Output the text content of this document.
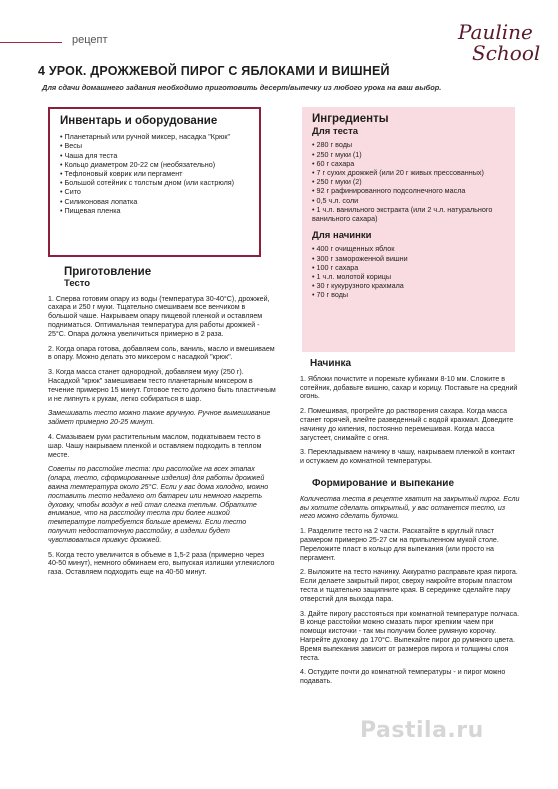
рецепт	Pauline
School
4 УРОК. ДРОЖЖЕВОЙ ПИРОГ С ЯБЛОКАМИ И ВИШНЕЙ
Для сдачи домашнего задания необходимо приготовить десерт/выпечку из любого урока на ваш выбор.
Инвентарь и оборудование
• Планетарный или ручной миксер, насадка "Крюк"
• Весы
• Чаша для теста
• Кольцо диаметром 20-22 см (необязательно)
• Тефлоновый коврик или пергамент
• Большой сотейник с толстым дном (или кастрюля)
• Сито
• Силиконовая лопатка
• Пищевая пленка
Ингредиенты
Для теста
• 280 г воды
• 250 г муки (1)
• 60 г сахара
• 7 г сухих дрожжей (или 20 г живых прессованных)
• 250 г муки (2)
• 92 г рафинированного подсолнечного масла
• 0,5 ч.л. соли
• 1 ч.л. ванильного экстракта (или 2 ч.л. натурального ванильного сахара)
Для начинки
• 400 г очищенных яблок
• 300 г замороженной вишни
• 100 г сахара
• 1 ч.л. молотой корицы
• 30 г кукурузного крахмала
• 70 г воды
Приготовление
Тесто

1. Сперва готовим опару из воды (температура 30-40°С), дрожжей, сахара и 250 г муки. Тщательно смешиваем все венчиком в большой чаше. Накрываем опару пищевой пленкой и оставляем подниматься. Оптимальная температура для работы дрожжей - 25°С. Опара должна увеличиться примерно в 2 раза.

2. Когда опара готова, добавляем соль, ваниль, масло и вмешиваем в опару. Можно делать это миксером с насадкой "крюк".

3. Когда масса станет однородной, добавляем муку (250 г). Насадкой "крюк" замешиваем тесто планетарным миксером в течение примерно 15 минут. Готовое тесто должно быть пластичным и не липнуть к рукам, легко собираться в шар.

Замешивать тесто можно также вручную. Ручное вымешивание займет примерно 20-25 минут.

4. Смазываем руки растительным маслом, подкатываем тесто в шар. Чашу накрываем пленкой и оставляем подходить в теплом месте.

Советы по расстойке теста: при расстойке на всех этапах (опара, тесто, сформированные изделия) для работы дрожжей важна температура около 25°С. Если у вас дома холодно, можно поставить тесто недалеко от батареи или немного нагреть духовку, чтобы воздух в ней стал слегка теплым. Обратите внимание, что на расстойку теста при более низкой температуре потребуется больше времени. Если тесто получит недостаточную расстойку, в изделии будет чувствоваться привкус дрожжей.

5. Когда тесто увеличится в объеме в 1,5-2 раза (примерно через 40-50 минут), немного обминаем его, выпуская излишки углекислого газа. Оставляем подходить еще на 40-50 минут.

Начинка

1. Яблоки почистите и порежьте кубиками 8-10 мм. Сложите в сотейник, добавьте вишню, сахар и корицу. Поставьте на средний огонь.

2. Помешивая, прогрейте до растворения сахара. Когда масса станет горячей, влейте разведенный с водой крахмал. Доведите начинку до кипения, постоянно перемешивая. Когда масса загустеет, снимайте с огня.

3. Перекладываем начинку в чашу, накрываем пленкой в контакт и остужаем до комнатной температуры.

Формирование и выпекание

Количества теста в рецепте хватит на закрытый пирог. Если вы хотите сделать открытый, у вас останется тесто, из него можно сделать булочки.

1. Разделите тесто на 2 части. Раскатайте в круглый пласт размером примерно 25-27 см на припыленном мукой столе. Переложите пласт в кольцо для выпекания (или просто на пергамент.

2. Выложите на тесто начинку. Аккуратно расправьте края пирога. Если делаете закрытый пирог, сверху накройте вторым пластом теста и тщательно защипните края. В серединке сделайте пару отверстий для выхода пара.

3. Дайте пирогу расстояться при комнатной температуре полчаса. В конце расстойки можно смазать пирог крепким чаем при помощи кисточки - так мы получим более румяную корочку. Нагрейте духовку до 170°С. Выпекайте пирог до румяного цвета. Время выпекания зависит от размеров пирога и толщины слоя теста.

4. Остудите почти до комнатной температуры - и пирог можно подавать.

Pastila.ru
